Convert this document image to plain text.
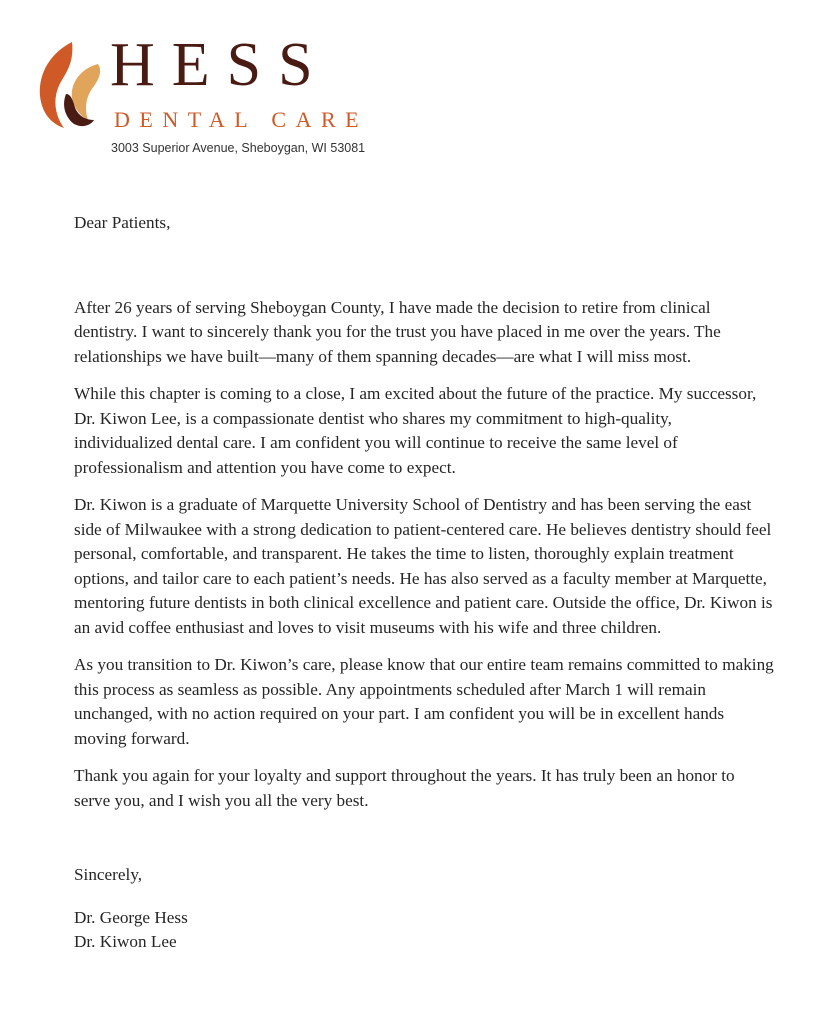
HESS
DENTAL CARE
3003 Superior Avenue, Sheboygan, WI 53081

Dear Patients,

After 26 years of serving Sheboygan County, I have made the decision to retire from clinical dentistry. I want to sincerely thank you for the trust you have placed in me over the years. The relationships we have built—many of them spanning decades—are what I will miss most.

While this chapter is coming to a close, I am excited about the future of the practice. My successor, Dr. Kiwon Lee, is a compassionate dentist who shares my commitment to high-quality, individualized dental care. I am confident you will continue to receive the same level of professionalism and attention you have come to expect.

Dr. Kiwon is a graduate of Marquette University School of Dentistry and has been serving the east side of Milwaukee with a strong dedication to patient-centered care. He believes dentistry should feel personal, comfortable, and transparent. He takes the time to listen, thoroughly explain treatment options, and tailor care to each patient’s needs. He has also served as a faculty member at Marquette, mentoring future dentists in both clinical excellence and patient care. Outside the office, Dr. Kiwon is an avid coffee enthusiast and loves to visit museums with his wife and three children.

As you transition to Dr. Kiwon’s care, please know that our entire team remains committed to making this process as seamless as possible. Any appointments scheduled after March 1 will remain unchanged, with no action required on your part. I am confident you will be in excellent hands moving forward.

Thank you again for your loyalty and support throughout the years. It has truly been an honor to serve you, and I wish you all the very best.

Sincerely,

Dr. George Hess

Dr. Kiwon Lee
